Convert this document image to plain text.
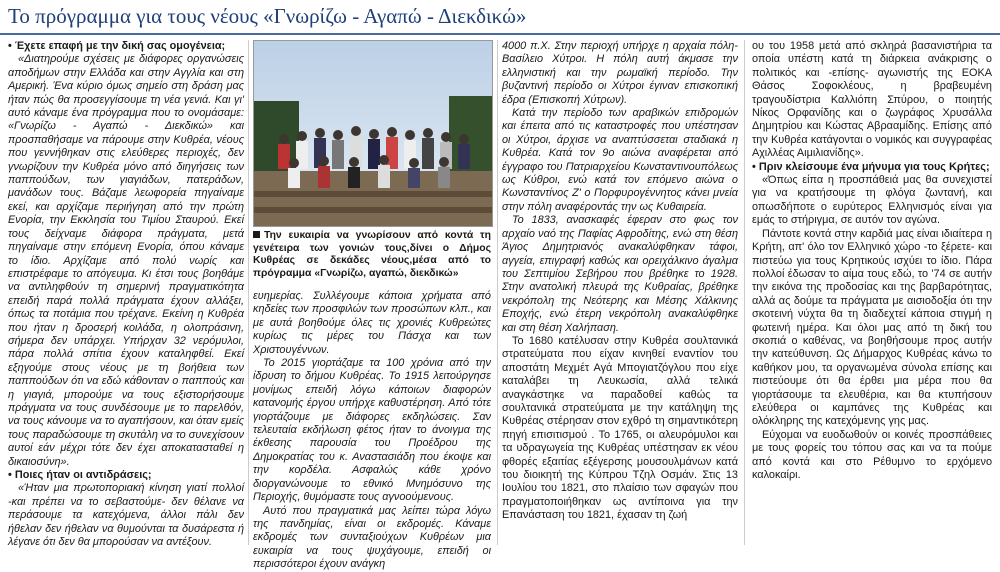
Το πρόγραμμα για τους νέους «Γνωρίζω - Αγαπώ - Διεκδικώ»

• Έχετε επαφή με την δική σας ομογένεια;

«Διατηρούμε σχέσεις με διάφορες οργανώσεις αποδήμων στην Ελλάδα και στην Αγγλία και στη Αμερική. Ένα κύριο όμως σημείο στη δράση μας ήταν πώς θα προσεγγίσουμε τη νέα γενιά. Και γι' αυτό κάναμε ένα πρόγραμμα που το ονομάσαμε: «Γνωρίζω - Αγαπώ - Διεκδικώ» και προσπαθήσαμε να πάρουμε στην Κυθρέα, νέους που γεννήθηκαν στις ελεύθερες περιοχές, δεν γνωρίζουν την Κυθρέα μόνο από διηγήσεις των παππούδων, των γιαγιάδων, πατεράδων, μανάδων τους. Βάζαμε λεωφορεία πηγαίναμε εκεί, και αρχίζαμε περιήγηση από την πρώτη Ενορία, την Εκκλησία του Τιμίου Σταυρού. Εκεί τους δείχναμε διάφορα πράγματα, μετά πηγαίναμε στην επόμενη Ενορία, όπου κάναμε το ίδιο. Αρχίζαμε από πολύ νωρίς και επιστρέφαμε το απόγευμα. Κι έτσι τους βοηθάμε να αντιληφθούν τη σημερινή πραγματικότητα επειδή παρά πολλά πράγματα έχουν αλλάξει, όπως τα ποτάμια που τρέχανε. Εκείνη η Κυθρέα που ήταν η δροσερή κοιλάδα, η ολοπράσινη, σήμερα δεν υπάρχει. Υπήρχαν 32 νερόμυλοι, πάρα πολλά σπίτια έχουν καταληφθεί. Εκεί εξηγούμε στους νέους με τη βοήθεια των παππούδων ότι να εδώ κάθονταν ο παππούς και η γιαγιά, μπορούμε να τους εξιστορήσουμε πράγματα να τους συνδέσουμε με το παρελθόν, να τους κάνουμε να το αγαπήσουν, και όταν εμείς τους παραδώσουμε τη σκυτάλη να το συνεχίσουν αυτοί εάν μέχρι τότε δεν έχει αποκατασταθεί η δικαιοσύνη».

• Ποιες ήταν οι αντιδράσεις;

«Ήταν μια πρωτοποριακή κίνηση γιατί πολλοί -και πρέπει να το σεβαστούμε- δεν θέλανε να περάσουμε τα κατεχόμενα, άλλοι πάλι δεν ήθελαν δεν ήθελαν να θυμούνται τα δυσάρεστα ή λέγανε ότι δεν θα μπορούσαν να αντέξουν.

Την ευκαιρία να γνωρίσουν από κοντά τη γενέτειρα των γονιών τους,δίνει ο Δήμος Κυθρέας σε δεκάδες νέους,μέσα από το πρόγραμμα «Γνωρίζω, αγαπώ, διεκδικώ»

ευημερίας. Συλλέγουμε κάποια χρήματα από κηδείες των προσφιλών των προσώπων κλπ., και με αυτά βοηθούμε όλες τις χρονιές Κυθρεώτες κυρίως τις μέρες του Πάσχα και των Χριστουγέννων.

Το 2015 γιορτάζαμε τα 100 χρόνια από την ίδρυση το δήμου Κυθρέας. Το 1915 λειτούργησε μονίμως επειδή λόγω κάποιων διαφορών κατανομής έργου υπήρχε καθυστέρηση. Από τότε γιορτάζουμε με διάφορες εκδηλώσεις. Σαν τελευταία εκδήλωση φέτος ήταν το άνοιγμα της έκθεσης παρουσία του Προέδρου της Δημοκρατίας του κ. Αναστασιάδη που έκοψε και την κορδέλα. Ασφαλώς κάθε χρόνο διοργανώνουμε το εθνικό Μνημόσυνο της Περιοχής, θυμόμαστε τους αγνοούμενους.

Αυτό που πραγματικά μας λείπει τώρα λόγω της πανδημίας, είναι οι εκδρομές. Κάναμε εκδρομές των συνταξιούχων Κυθρέων μια ευκαιρία να τους ψυχάγουμε, επειδή οι περισσότεροι έχουν ανάγκη

4000 π.Χ. Στην περιοχή υπήρχε η αρχαία πόλη-Βασίλειο Χύτροι. Η πόλη αυτή άκμασε την ελληνιστική και την ρωμαϊκή περίοδο. Την βυζαντινή περίοδο οι Χύτροι έγιναν επισκοπική έδρα (Επισκοπή Χύτρων).

Κατά την περίοδο των αραβικών επιδρομών και έπειτα από τις καταστροφές που υπέστησαν οι Χύτροι, άρχισε να αναπτύσσεται σταδιακά η Κυθρέα. Κατά τον 9ο αιώνα αναφέρεται από έγγραφο του Πατριαρχείου Κωνσταντινουπόλεως ως Κύθροι, ενώ κατά τον επόμενο αιώνα ο Κωνσταντίνος Ζ' ο Πορφυρογέννητος κάνει μνεία στην πόλη αναφέροντάς την ως Κυθαιρεία.

Το 1833, ανασκαφές έφεραν στο φως τον αρχαίο ναό της Παφίας Αφροδίτης, ενώ στη θέση Άγιος Δημητριανός ανακαλύφθηκαν τάφοι, αγγεία, επιγραφή καθώς και ορειχάλκινο άγαλμα του Σεπτιμίου Σεβήρου που βρέθηκε το 1928. Στην ανατολική πλευρά της Κυθραίας, βρέθηκε νεκρόπολη της Νεότερης και Μέσης Χάλκινης Εποχής, ενώ έτερη νεκρόπολη ανακαλύφθηκε και στη θέση Χαλήπαση.

Το 1680 κατέλυσαν στην Κυθρέα σουλτανικά στρατεύματα που είχαν κινηθεί εναντίον του αποστάτη Μεχμέτ Αγά Μπογιατζόγλου που είχε καταλάβει τη Λευκωσία, αλλά τελικά αναγκάστηκε να παραδοθεί καθώς τα σουλτανικά στρατεύματα με την κατάληψη της Κυθρέας στέρησαν στον εχθρό τη σημαντικότερη πηγή επισιτισμού . Το 1765, οι αλευρόμυλοι και τα υδραγωγεία της Κυθρέας υπέστησαν εκ νέου φθορές εξαιτίας εξέγερσης μουσουλμάνων κατά του διοικητή της Κύπρου Τζηλ Οσμάν. Στις 13 Ιουλίου του 1821, στο πλαίσιο των σφαγών που πραγματοποιήθηκαν ως αντίποινα για την Επανάσταση του 1821, έχασαν τη ζωή

ου του 1958 μετά από σκληρά βασανιστήρια τα οποία υπέστη κατά τη διάρκεια ανάκρισης ο πολιτικός και -επίσης- αγωνιστής της ΕΟΚΑ Θάσος Σοφοκλέους, η βραβευμένη τραγουδίστρια Καλλιόπη Σπύρου, ο ποιητής Νίκος Ορφανίδης και ο ζωγράφος Χρυσάλλα Δημητρίου και Κώστας Αβρααμίδης. Επίσης από την Κυθρέα κατάγονται ο νομικός και συγγραφέας Αχιλλέας Αιμιλιανίδης».

• Πριν κλείσουμε ένα μήνυμα για τους Κρήτες;

«Όπως είπα η προσπάθειά μας θα συνεχιστεί για να κρατήσουμε τη φλόγα ζωντανή, και οπωσδήποτε ο ευρύτερος Ελληνισμός είναι για εμάς το στήριγμα, σε αυτόν τον αγώνα.

Πάντοτε κοντά στην καρδιά μας είναι ιδιαίτερα η Κρήτη, απ' όλο τον Ελληνικό χώρο -το ξέρετε- και πιστεύω για τους Κρητικούς ισχύει το ίδιο. Πάρα πολλοί έδωσαν το αίμα τους εδώ, το '74 σε αυτήν την εικόνα της προδοσίας και της βαρβαρότητας, αλλά ας δούμε τα πράγματα με αισιοδοξία ότι την σκοτεινή νύχτα θα τη διαδεχτεί κάποια στιγμή η φωτεινή ημέρα. Και όλοι μας από τη δική του σκοπιά ο καθένας, να βοηθήσουμε προς αυτήν την κατεύθυνση. Ως Δήμαρχος Κυθρέας κάνω το καθήκον μου, τα οργανωμένα σύνολα επίσης και πιστεύουμε ότι θα έρθει μια μέρα που θα γιορτάσουμε τα ελευθέρια, και θα κτυπήσουν ελεύθερα οι καμπάνες της Κυθρέας και ολόκληρης της κατεχόμενης γης μας.

Εύχομαι να ευοδωθούν οι κοινές προσπάθειες με τους φορείς του τόπου σας και να τα πούμε από κοντά και στο Ρέθυμνο το ερχόμενο καλοκαίρι.
